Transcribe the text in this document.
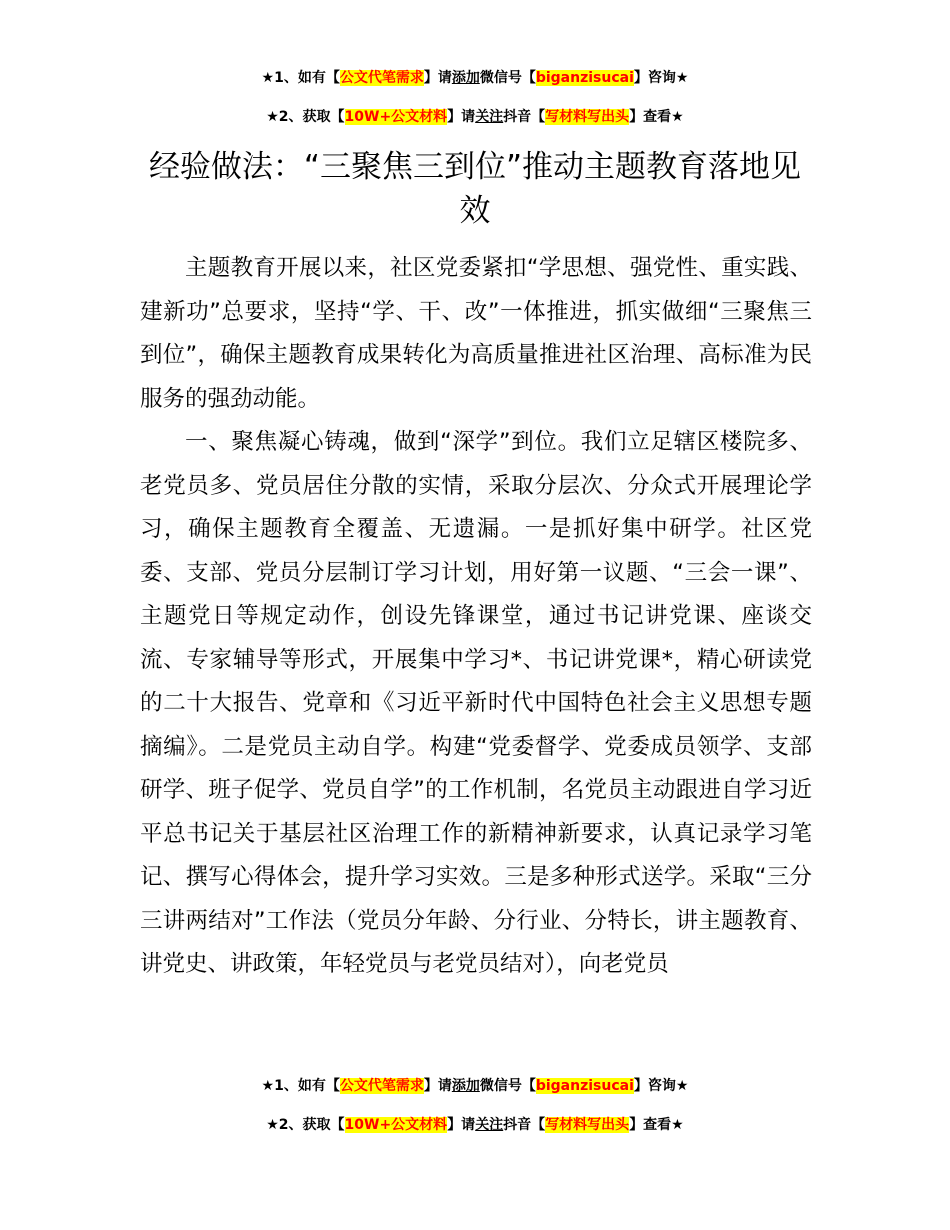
★1、如有【公文代笔需求】请添加微信号【biganzisucai】咨询★
★2、获取【10W+公文材料】请关注抖音【写材料写出头】查看★
经验做法：“三聚焦三到位”推动主题教育落地见效

主题教育开展以来，社区党委紧扣“学思想、强党性、重实践、建新功”总要求，坚持“学、干、改”一体推进，抓实做细“三聚焦三到位”，确保主题教育成果转化为高质量推进社区治理、高标准为民服务的强劲动能。

一、聚焦凝心铸魂，做到“深学”到位。我们立足辖区楼院多、老党员多、党员居住分散的实情，采取分层次、分众式开展理论学习，确保主题教育全覆盖、无遗漏。一是抓好集中研学。社区党委、支部、党员分层制订学习计划，用好第一议题、“三会一课”、主题党日等规定动作，创设先锋课堂，通过书记讲党课、座谈交流、专家辅导等形式，开展集中学习*、书记讲党课*，精心研读党的二十大报告、党章和《习近平新时代中国特色社会主义思想专题摘编》。二是党员主动自学。构建“党委督学、党委成员领学、支部研学、班子促学、党员自学”的工作机制，名党员主动跟进自学习近平总书记关于基层社区治理工作的新精神新要求，认真记录学习笔记、撰写心得体会，提升学习实效。三是多种形式送学。采取“三分三讲两结对”工作法（党员分年龄、分行业、分特长，讲主题教育、讲党史、讲政策，年轻党员与老党员结对），向老党员

★1、如有【公文代笔需求】请添加微信号【biganzisucai】咨询★
★2、获取【10W+公文材料】请关注抖音【写材料写出头】查看★
